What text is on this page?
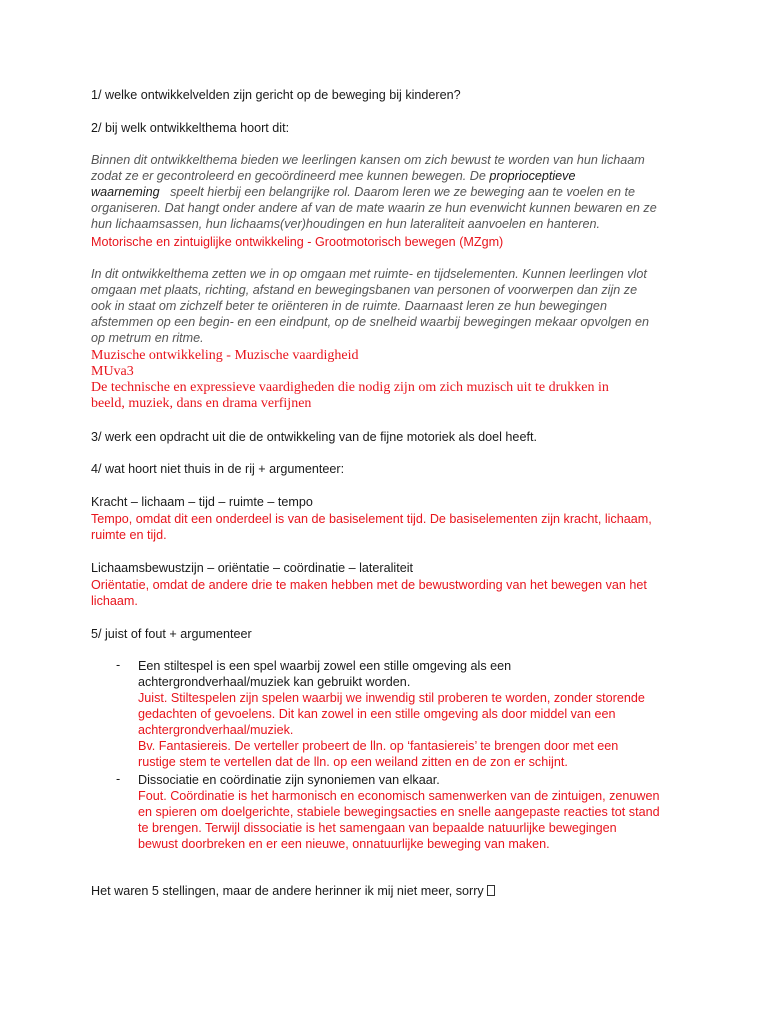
1/ welke ontwikkelvelden zijn gericht op de beweging bij kinderen?

2/ bij welk ontwikkelthema hoort dit:

Binnen dit ontwikkelthema bieden we leerlingen kansen om zich bewust te worden van hun lichaam
zodat ze er gecontroleerd en gecoördineerd mee kunnen bewegen. De proprioceptieve
waarneming speelt hierbij een belangrijke rol. Daarom leren we ze beweging aan te voelen en te
organiseren. Dat hangt onder andere af van de mate waarin ze hun evenwicht kunnen bewaren en ze
hun lichaamsassen, hun lichaams(ver)houdingen en hun lateraliteit aanvoelen en hanteren.

Motorische en zintuiglijke ontwikkeling - Grootmotorisch bewegen (MZgm)

In dit ontwikkelthema zetten we in op omgaan met ruimte- en tijdselementen. Kunnen leerlingen vlot
omgaan met plaats, richting, afstand en bewegingsbanen van personen of voorwerpen dan zijn ze
ook in staat om zichzelf beter te oriënteren in de ruimte. Daarnaast leren ze hun bewegingen
afstemmen op een begin- en een eindpunt, op de snelheid waarbij bewegingen mekaar opvolgen en
op metrum en ritme.
Muzische ontwikkeling - Muzische vaardigheid
MUva3
De technische en expressieve vaardigheden die nodig zijn om zich muzisch uit te drukken in
beeld, muziek, dans en drama verfijnen

3/ werk een opdracht uit die de ontwikkeling van de fijne motoriek als doel heeft.

4/ wat hoort niet thuis in de rij + argumenteer:

Kracht – lichaam – tijd – ruimte – tempo

Tempo, omdat dit een onderdeel is van de basiselement tijd. De basiselementen zijn kracht, lichaam,
ruimte en tijd.

Lichaamsbewustzijn – oriëntatie – coördinatie – lateraliteit

Oriëntatie, omdat de andere drie te maken hebben met de bewustwording van het bewegen van het
lichaam.

5/ juist of fout + argumenteer

- Een stiltespel is een spel waarbij zowel een stille omgeving als een
achtergrondverhaal/muziek kan gebruikt worden.
Juist. Stiltespelen zijn spelen waarbij we inwendig stil proberen te worden, zonder storende
gedachten of gevoelens. Dit kan zowel in een stille omgeving als door middel van een
achtergrondverhaal/muziek.
Bv. Fantasiereis. De verteller probeert de lln. op ‘fantasiereis’ te brengen door met een
rustige stem te vertellen dat de lln. op een weiland zitten en de zon er schijnt.
- Dissociatie en coördinatie zijn synoniemen van elkaar.
Fout. Coördinatie is het harmonisch en economisch samenwerken van de zintuigen, zenuwen
en spieren om doelgerichte, stabiele bewegingsacties en snelle aangepaste reacties tot stand
te brengen. Terwijl dissociatie is het samengaan van bepaalde natuurlijke bewegingen
bewust doorbreken en er een nieuwe, onnatuurlijke beweging van maken.

Het waren 5 stellingen, maar de andere herinner ik mij niet meer, sorry
